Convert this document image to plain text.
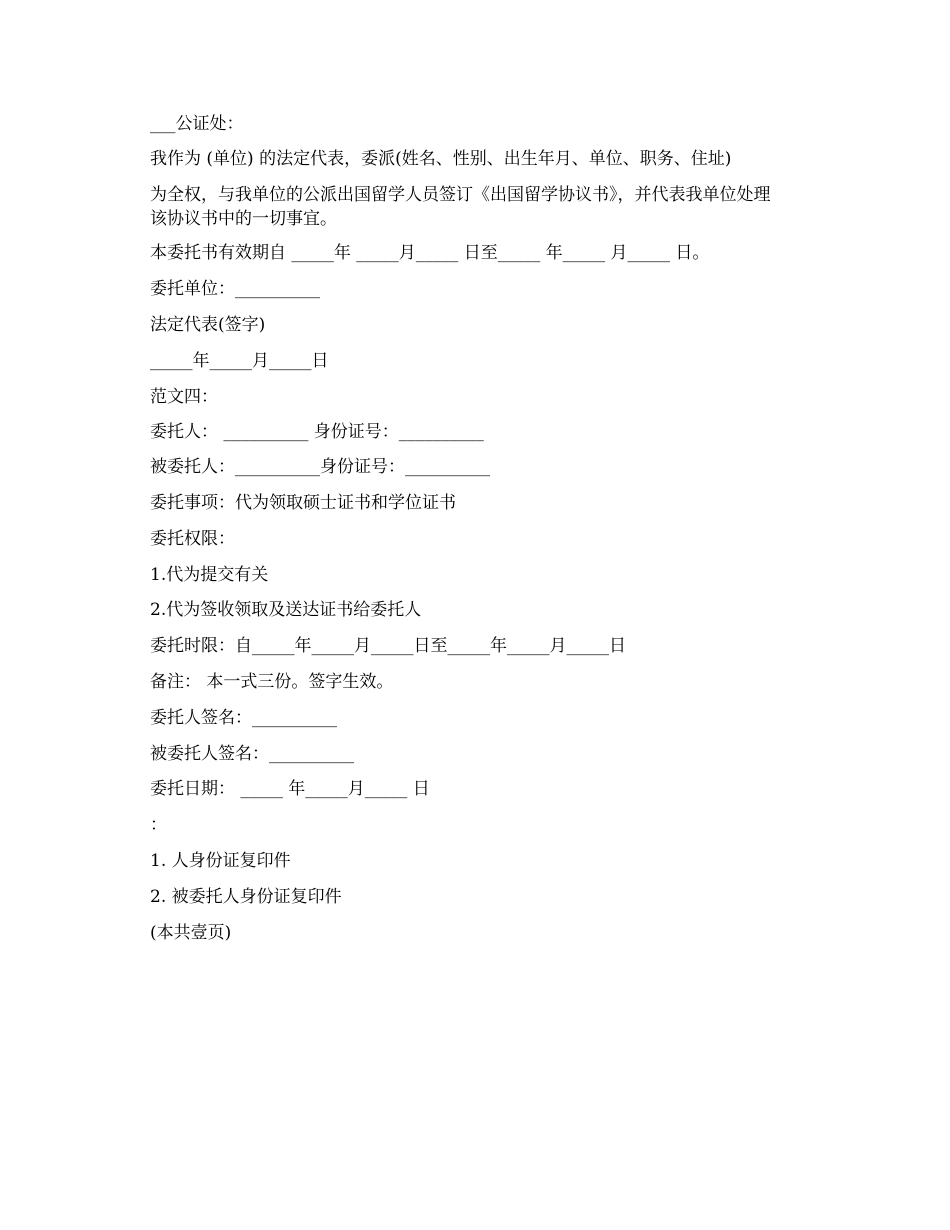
___公证处：
我作为 (单位) 的法定代表，委派(姓名、性别、出生年月、单位、职务、住址)
为全权，与我单位的公派出国留学人员签订《出国留学协议书》，并代表我单位处理
该协议书中的一切事宜。
本委托书有效期自 _____年 _____月_____ 日至_____ 年_____ 月_____ 日。
委托单位：__________
法定代表(签字)
_____年_____月_____日
范文四：
委托人： __________ 身份证号：__________
被委托人：__________身份证号：__________
委托事项：代为领取硕士证书和学位证书
委托权限：
1.代为提交有关
2.代为签收领取及送达证书给委托人
委托时限：自_____年_____月_____日至_____年_____月_____日
备注： 本一式三份。签字生效。
委托人签名：__________
被委托人签名：__________
委托日期： _____ 年_____月_____ 日
：
1. 人身份证复印件
2. 被委托人身份证复印件
(本共壹页)
